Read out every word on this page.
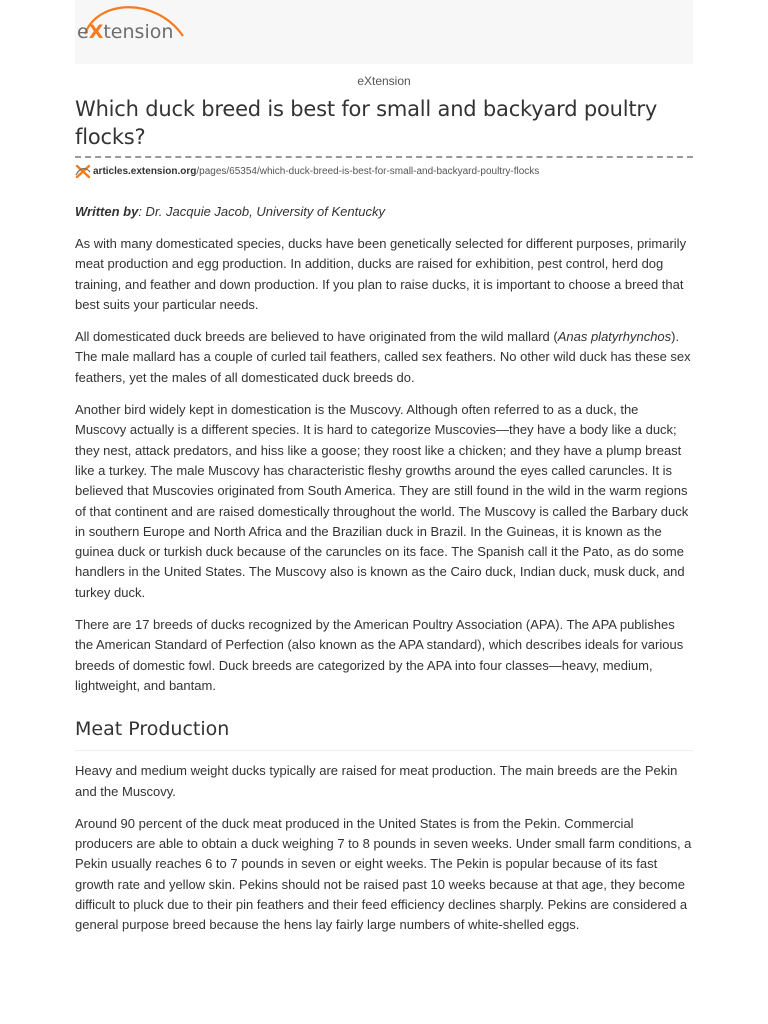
eXtension
eXtension
Which duck breed is best for small and backyard poultry flocks?
articles.extension.org/pages/65354/which-duck-breed-is-best-for-small-and-backyard-poultry-flocks
Written by: Dr. Jacquie Jacob, University of Kentucky

As with many domesticated species, ducks have been genetically selected for different purposes, primarily meat production and egg production. In addition, ducks are raised for exhibition, pest control, herd dog training, and feather and down production. If you plan to raise ducks, it is important to choose a breed that best suits your particular needs.

All domesticated duck breeds are believed to have originated from the wild mallard (Anas platyrhynchos). The male mallard has a couple of curled tail feathers, called sex feathers. No other wild duck has these sex feathers, yet the males of all domesticated duck breeds do.

Another bird widely kept in domestication is the Muscovy. Although often referred to as a duck, the Muscovy actually is a different species. It is hard to categorize Muscovies—they have a body like a duck; they nest, attack predators, and hiss like a goose; they roost like a chicken; and they have a plump breast like a turkey. The male Muscovy has characteristic fleshy growths around the eyes called caruncles. It is believed that Muscovies originated from South America. They are still found in the wild in the warm regions of that continent and are raised domestically throughout the world. The Muscovy is called the Barbary duck in southern Europe and North Africa and the Brazilian duck in Brazil. In the Guineas, it is known as the guinea duck or turkish duck because of the caruncles on its face. The Spanish call it the Pato, as do some handlers in the United States. The Muscovy also is known as the Cairo duck, Indian duck, musk duck, and turkey duck.

There are 17 breeds of ducks recognized by the American Poultry Association (APA). The APA publishes the American Standard of Perfection (also known as the APA standard), which describes ideals for various breeds of domestic fowl. Duck breeds are categorized by the APA into four classes—heavy, medium, lightweight, and bantam.

Meat Production

Heavy and medium weight ducks typically are raised for meat production. The main breeds are the Pekin and the Muscovy.

Around 90 percent of the duck meat produced in the United States is from the Pekin. Commercial producers are able to obtain a duck weighing 7 to 8 pounds in seven weeks. Under small farm conditions, a Pekin usually reaches 6 to 7 pounds in seven or eight weeks. The Pekin is popular because of its fast growth rate and yellow skin. Pekins should not be raised past 10 weeks because at that age, they become difficult to pluck due to their pin feathers and their feed efficiency declines sharply. Pekins are considered a general purpose breed because the hens lay fairly large numbers of white-shelled eggs.
